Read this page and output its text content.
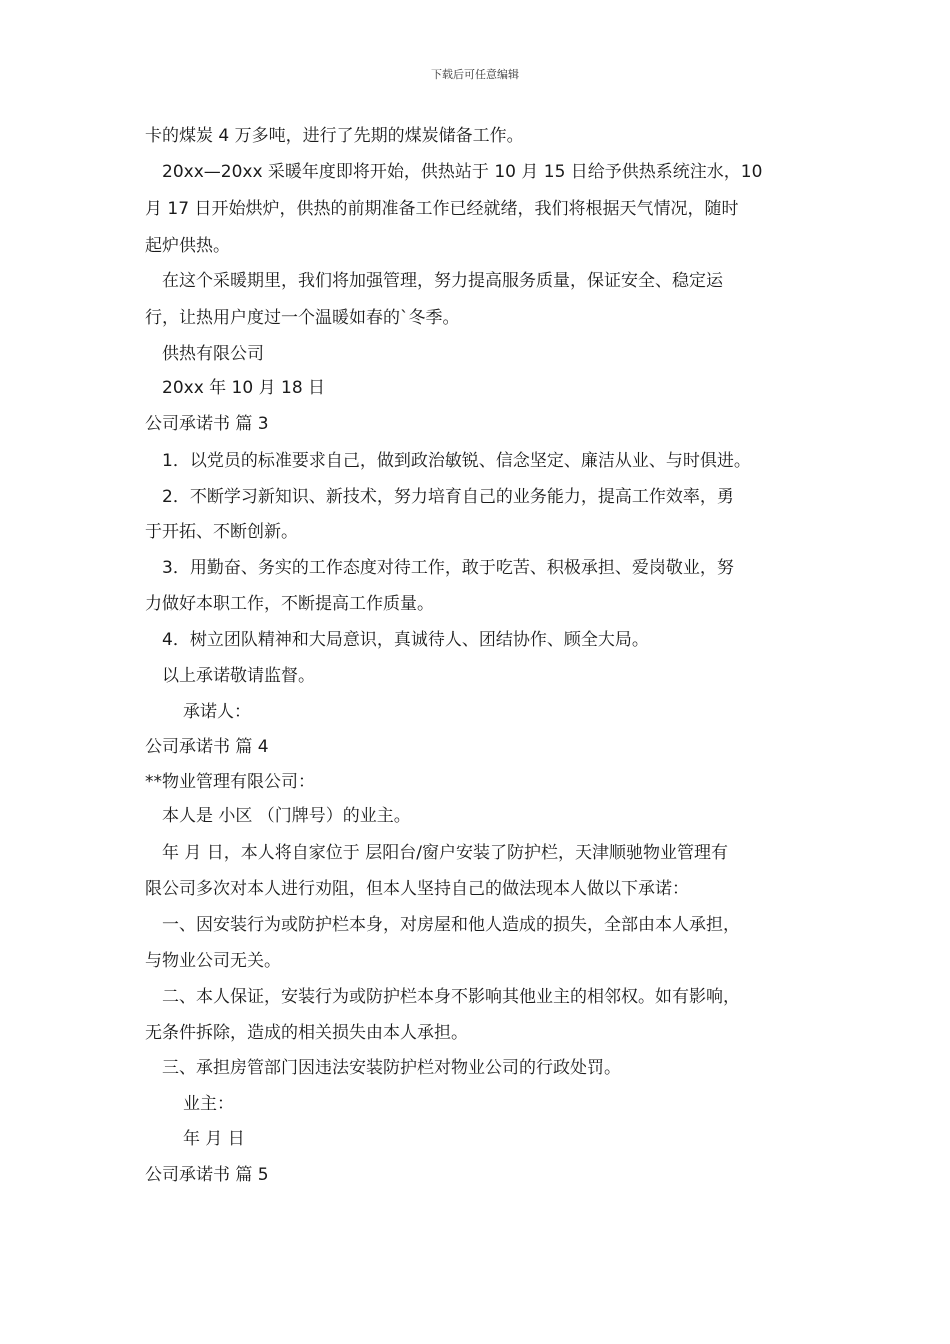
下载后可任意编辑
卡的煤炭 4 万多吨，进行了先期的煤炭储备工作。
20xx—20xx 采暖年度即将开始，供热站于 10 月 15 日给予供热系统注水，10
月 17 日开始烘炉，供热的前期准备工作已经就绪，我们将根据天气情况，随时
起炉供热。
在这个采暖期里，我们将加强管理，努力提高服务质量，保证安全、稳定运
行，让热用户度过一个温暖如春的`冬季。
供热有限公司
20xx 年 10 月 18 日
公司承诺书 篇 3
1．以党员的标准要求自己，做到政治敏锐、信念坚定、廉洁从业、与时俱进。
2．不断学习新知识、新技术，努力培育自己的业务能力，提高工作效率，勇
于开拓、不断创新。
3．用勤奋、务实的工作态度对待工作，敢于吃苦、积极承担、爱岗敬业，努
力做好本职工作，不断提高工作质量。
4．树立团队精神和大局意识，真诚待人、团结协作、顾全大局。
以上承诺敬请监督。
承诺人：
公司承诺书 篇 4
**物业管理有限公司：
本人是 小区 （门牌号）的业主。
年 月 日，本人将自家位于 层阳台/窗户安装了防护栏，天津顺驰物业管理有
限公司多次对本人进行劝阻，但本人坚持自己的做法现本人做以下承诺：
一、因安装行为或防护栏本身，对房屋和他人造成的损失，全部由本人承担，
与物业公司无关。
二、本人保证，安装行为或防护栏本身不影响其他业主的相邻权。如有影响，
无条件拆除，造成的相关损失由本人承担。
三、承担房管部门因违法安装防护栏对物业公司的行政处罚。
业主：
年 月 日
公司承诺书 篇 5
